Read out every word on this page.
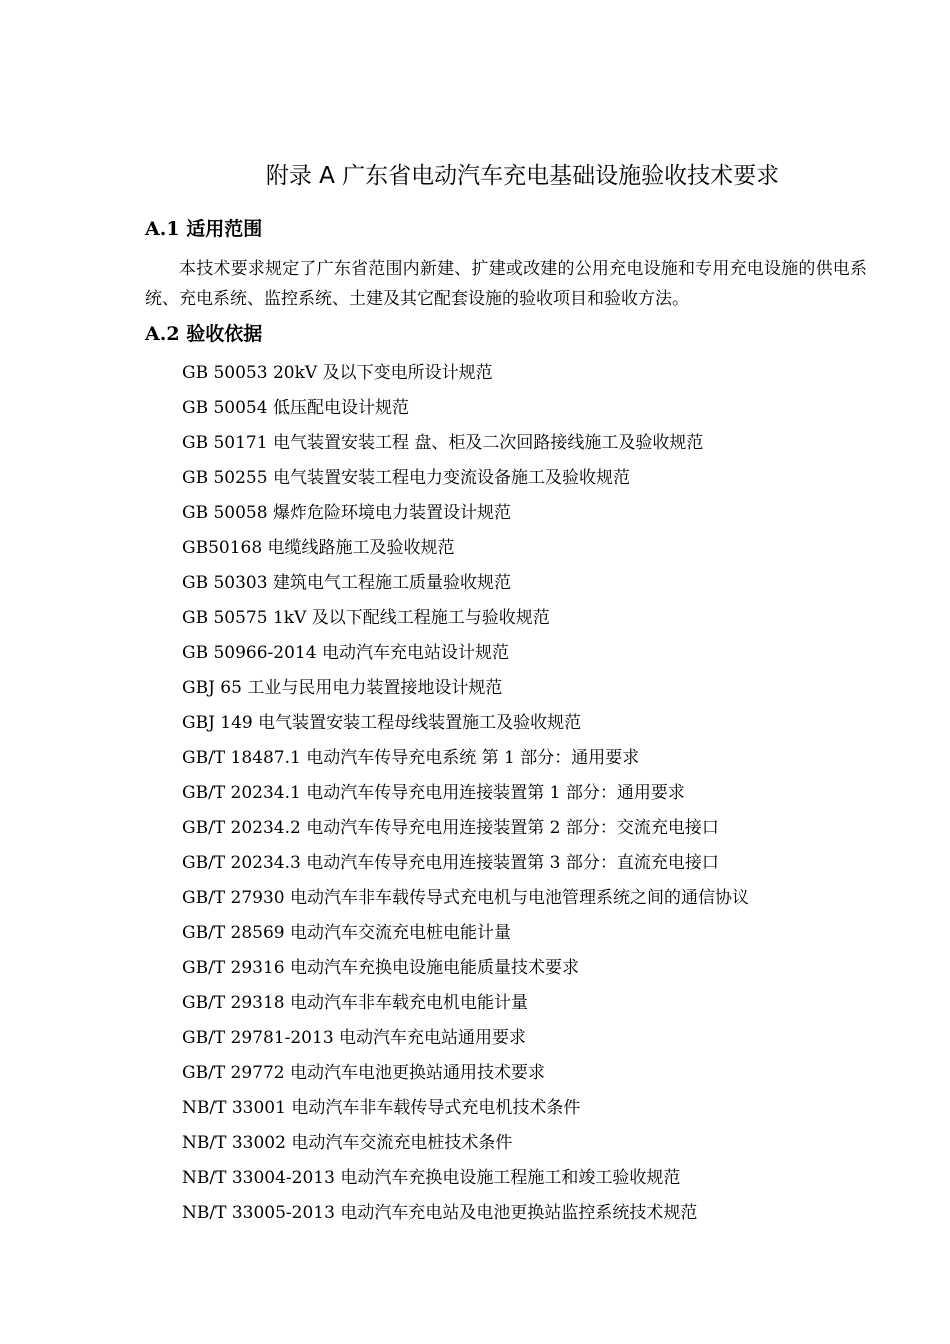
附录 A 广东省电动汽车充电基础设施验收技术要求
A.1 适用范围
本技术要求规定了广东省范围内新建、扩建或改建的公用充电设施和专用充电设施的供电系统、充电系统、监控系统、土建及其它配套设施的验收项目和验收方法。
A.2 验收依据
GB 50053 20kV 及以下变电所设计规范
GB 50054 低压配电设计规范
GB 50171 电气装置安装工程 盘、柜及二次回路接线施工及验收规范
GB 50255 电气装置安装工程电力变流设备施工及验收规范
GB 50058 爆炸危险环境电力装置设计规范
GB50168 电缆线路施工及验收规范
GB 50303 建筑电气工程施工质量验收规范
GB 50575 1kV 及以下配线工程施工与验收规范
GB 50966-2014 电动汽车充电站设计规范
GBJ 65 工业与民用电力装置接地设计规范
GBJ 149 电气装置安装工程母线装置施工及验收规范
GB/T 18487.1 电动汽车传导充电系统 第 1 部分：通用要求
GB/T 20234.1 电动汽车传导充电用连接装置第 1 部分：通用要求
GB/T 20234.2 电动汽车传导充电用连接装置第 2 部分：交流充电接口
GB/T 20234.3 电动汽车传导充电用连接装置第 3 部分：直流充电接口
GB/T 27930 电动汽车非车载传导式充电机与电池管理系统之间的通信协议
GB/T 28569 电动汽车交流充电桩电能计量
GB/T 29316 电动汽车充换电设施电能质量技术要求
GB/T 29318 电动汽车非车载充电机电能计量
GB/T 29781-2013 电动汽车充电站通用要求
GB/T 29772 电动汽车电池更换站通用技术要求
NB/T 33001 电动汽车非车载传导式充电机技术条件
NB/T 33002 电动汽车交流充电桩技术条件
NB/T 33004-2013 电动汽车充换电设施工程施工和竣工验收规范
NB/T 33005-2013 电动汽车充电站及电池更换站监控系统技术规范
